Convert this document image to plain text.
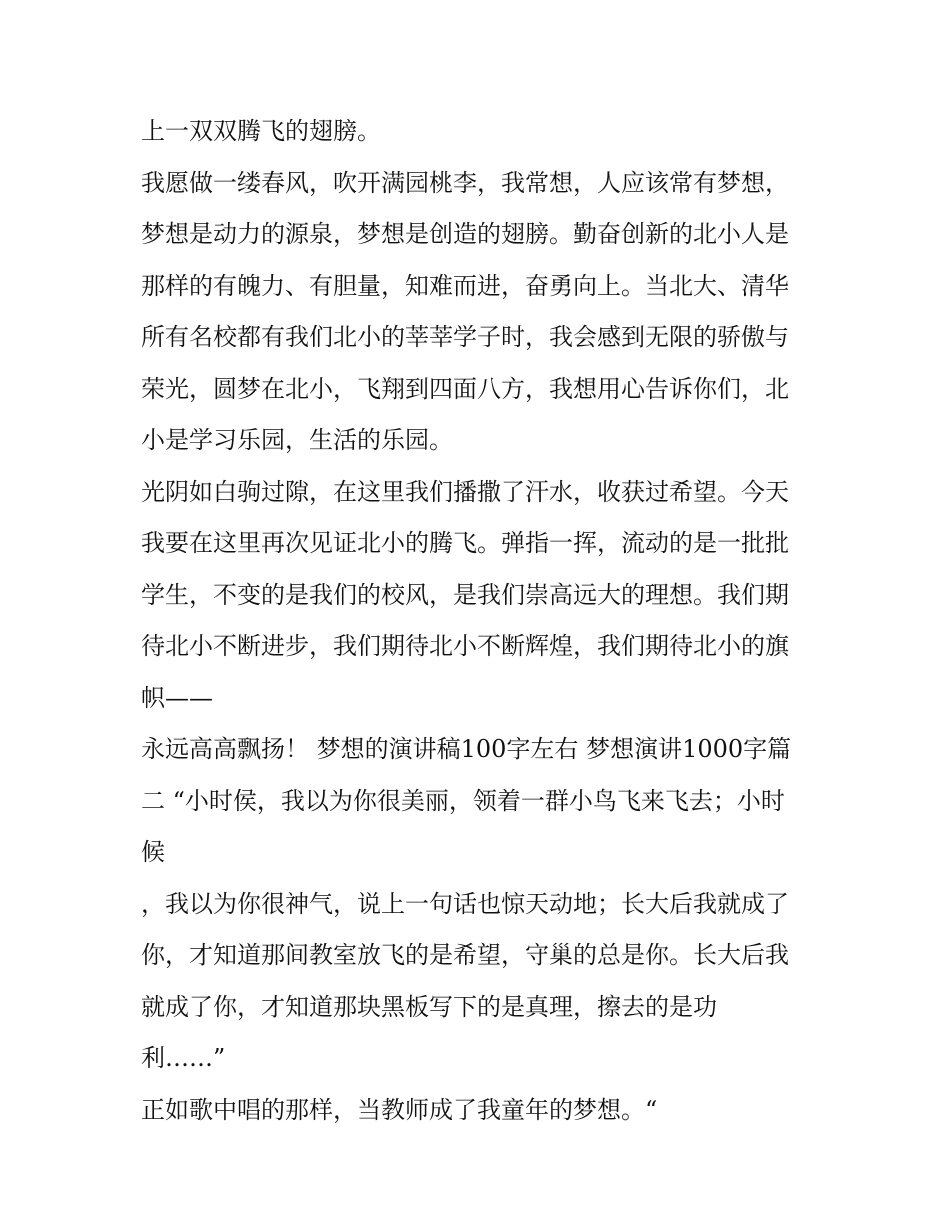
上一双双腾飞的翅膀。
我愿做一缕春风，吹开满园桃李，我常想，人应该常有梦想，
梦想是动力的源泉，梦想是创造的翅膀。勤奋创新的北小人是
那样的有魄力、有胆量，知难而进，奋勇向上。当北大、清华
所有名校都有我们北小的莘莘学子时，我会感到无限的骄傲与
荣光，圆梦在北小，飞翔到四面八方，我想用心告诉你们，北
小是学习乐园，生活的乐园。
光阴如白驹过隙，在这里我们播撒了汗水，收获过希望。今天
我要在这里再次见证北小的腾飞。弹指一挥，流动的是一批批
学生，不变的是我们的校风，是我们崇高远大的理想。我们期
待北小不断进步，我们期待北小不断辉煌，我们期待北小的旗
帜——
永远高高飘扬！ 梦想的演讲稿100字左右 梦想演讲1000字篇
二 “小时侯，我以为你很美丽，领着一群小鸟飞来飞去；小时
候
，我以为你很神气，说上一句话也惊天动地；长大后我就成了
你，才知道那间教室放飞的是希望，守巢的总是你。长大后我
就成了你，才知道那块黑板写下的是真理，擦去的是功
利……”
正如歌中唱的那样，当教师成了我童年的梦想。“
